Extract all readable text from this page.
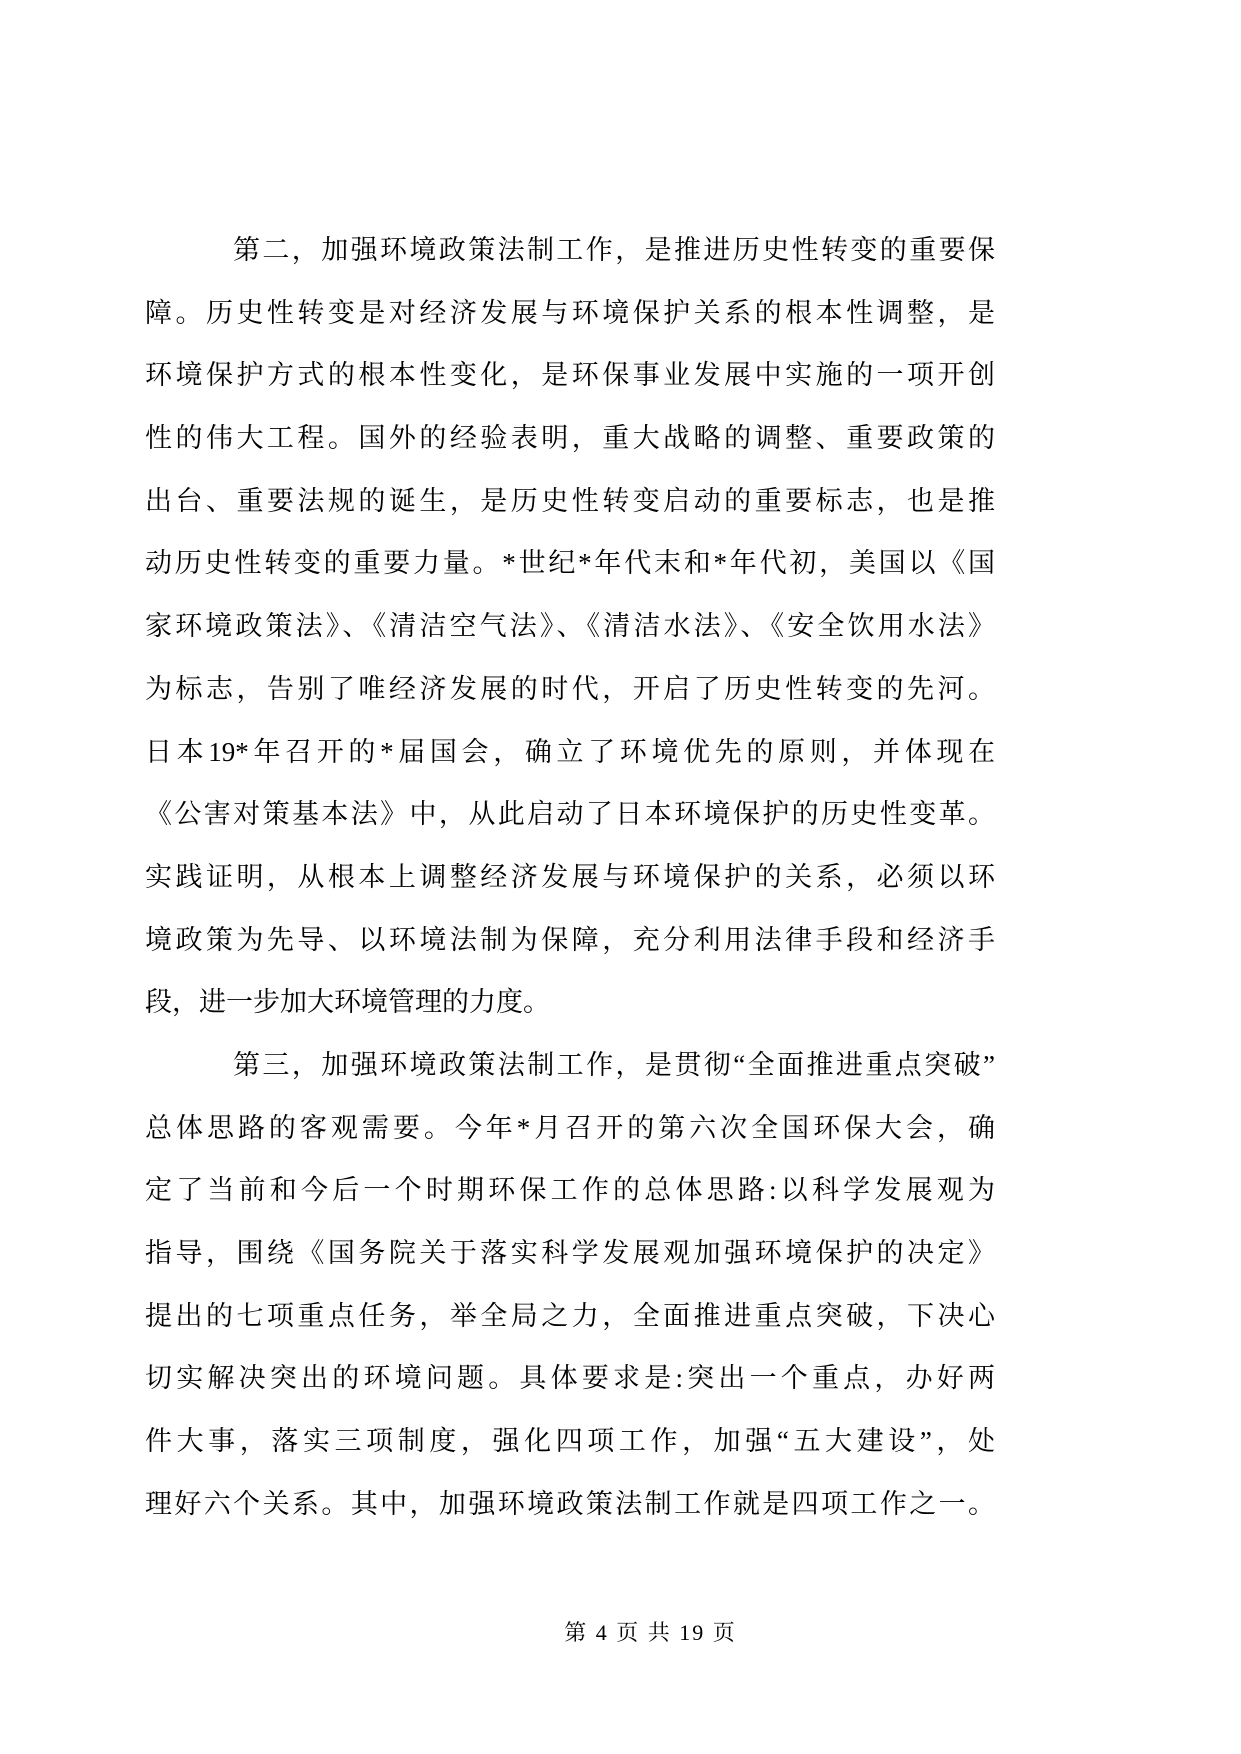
第二，加强环境政策法制工作，是推进历史性转变的重要保
障。历史性转变是对经济发展与环境保护关系的根本性调整，是
环境保护方式的根本性变化，是环保事业发展中实施的一项开创
性的伟大工程。国外的经验表明，重大战略的调整、重要政策的
出台、重要法规的诞生，是历史性转变启动的重要标志，也是推
动历史性转变的重要力量。*世纪*年代末和*年代初，美国以《国
家环境政策法》、《清洁空气法》、《清洁水法》、《安全饮用水法》
为标志，告别了唯经济发展的时代，开启了历史性转变的先河。
日本19*年召开的*届国会，确立了环境优先的原则，并体现在
《公害对策基本法》中，从此启动了日本环境保护的历史性变革。
实践证明，从根本上调整经济发展与环境保护的关系，必须以环
境政策为先导、以环境法制为保障，充分利用法律手段和经济手
段，进一步加大环境管理的力度。
第三，加强环境政策法制工作，是贯彻“全面推进重点突破”
总体思路的客观需要。今年*月召开的第六次全国环保大会，确
定了当前和今后一个时期环保工作的总体思路:以科学发展观为
指导，围绕《国务院关于落实科学发展观加强环境保护的决定》
提出的七项重点任务，举全局之力，全面推进重点突破，下决心
切实解决突出的环境问题。具体要求是:突出一个重点，办好两
件大事，落实三项制度，强化四项工作，加强“五大建设”，处
理好六个关系。其中，加强环境政策法制工作就是四项工作之一。
第 4 页 共 19 页
